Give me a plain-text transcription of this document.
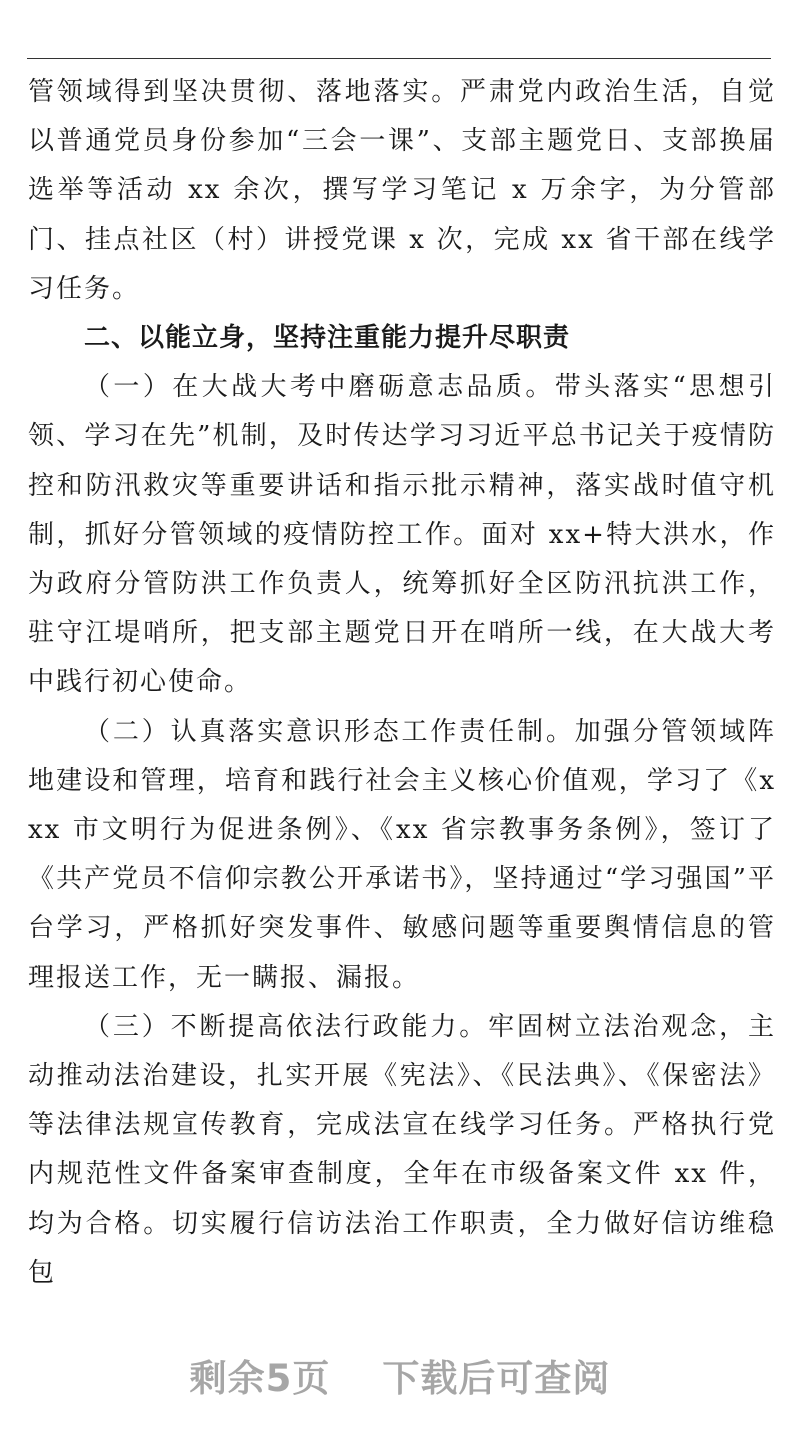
管领域得到坚决贯彻、落地落实。严肃党内政治生活，自觉以普通党员身份参加“三会一课”、支部主题党日、支部换届选举等活动 xx 余次，撰写学习笔记 x 万余字，为分管部门、挂点社区（村）讲授党课 x 次，完成 xx 省干部在线学习任务。

二、以能立身，坚持注重能力提升尽职责

（一）在大战大考中磨砺意志品质。带头落实“思想引领、学习在先”机制，及时传达学习习近平总书记关于疫情防控和防汛救灾等重要讲话和指示批示精神，落实战时值守机制，抓好分管领域的疫情防控工作。面对 xx+特大洪水，作为政府分管防洪工作负责人，统筹抓好全区防汛抗洪工作，驻守江堤哨所，把支部主题党日开在哨所一线，在大战大考中践行初心使命。

（二）认真落实意识形态工作责任制。加强分管领域阵地建设和管理，培育和践行社会主义核心价值观，学习了《xxx 市文明行为促进条例》、《xx 省宗教事务条例》，签订了《共产党员不信仰宗教公开承诺书》，坚持通过“学习强国”平台学习，严格抓好突发事件、敏感问题等重要舆情信息的管理报送工作，无一瞒报、漏报。

（三）不断提高依法行政能力。牢固树立法治观念，主动推动法治建设，扎实开展《宪法》、《民法典》、《保密法》等法律法规宣传教育，完成法宣在线学习任务。严格执行党内规范性文件备案审查制度，全年在市级备案文件 xx 件，均为合格。切实履行信访法治工作职责，全力做好信访维稳包

剩余5页 下载后可查阅
